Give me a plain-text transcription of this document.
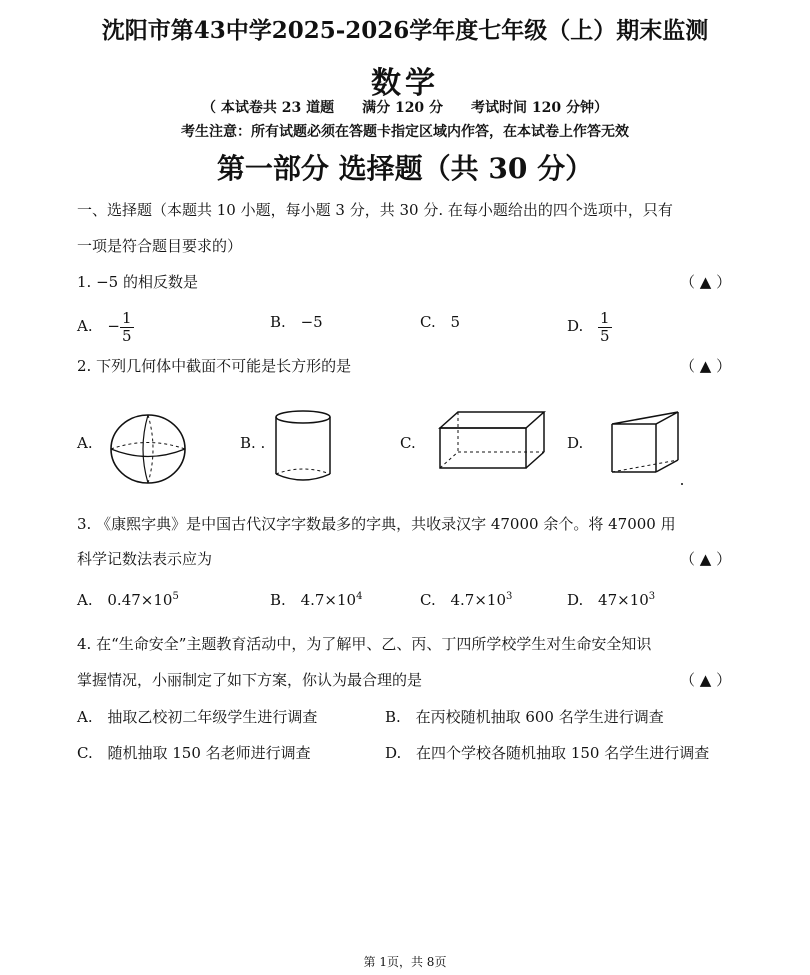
沈阳市第43中学2025-2026学年度七年级（上）期末监测
数学
（ 本试卷共 23 道题　　满分 120 分　　考试时间 120 分钟）
考生注意：所有试题必须在答题卡指定区域内作答，在本试卷上作答无效
第一部分 选择题（共 30 分）
一、选择题（本题共 10 小题，每小题 3 分，共 30 分. 在每小题给出的四个选项中，只有
一项是符合题目要求的）
1. −5 的相反数是	（ ▲ ）
A. − $\frac{1}{5}$	B. −5	C. 5	D. $\frac{1}{5}$
2. 下列几何体中截面不可能是长方形的是	（ ▲ ）
A.	B. .	C.	D.
3. 《康熙字典》是中国古代汉字字数最多的字典，共收录汉字 47000 余个。将 47000 用
科学记数法表示应为	（ ▲ ）
A. $0.47\times 10^5$	B. $4.7\times 10^4$	C. $4.7\times 10^3$	D. $47\times 10^3$
4. 在“生命安全”主题教育活动中，为了解甲、乙、丙、丁四所学校学生对生命安全知识
掌握情况，小丽制定了如下方案，你认为最合理的是	（ ▲ ）
A. 抽取乙校初二年级学生进行调查	B. 在丙校随机抽取 600 名学生进行调查
C. 随机抽取 150 名老师进行调查	D. 在四个学校各随机抽取 150 名学生进行调查
第 1页，共 8页
